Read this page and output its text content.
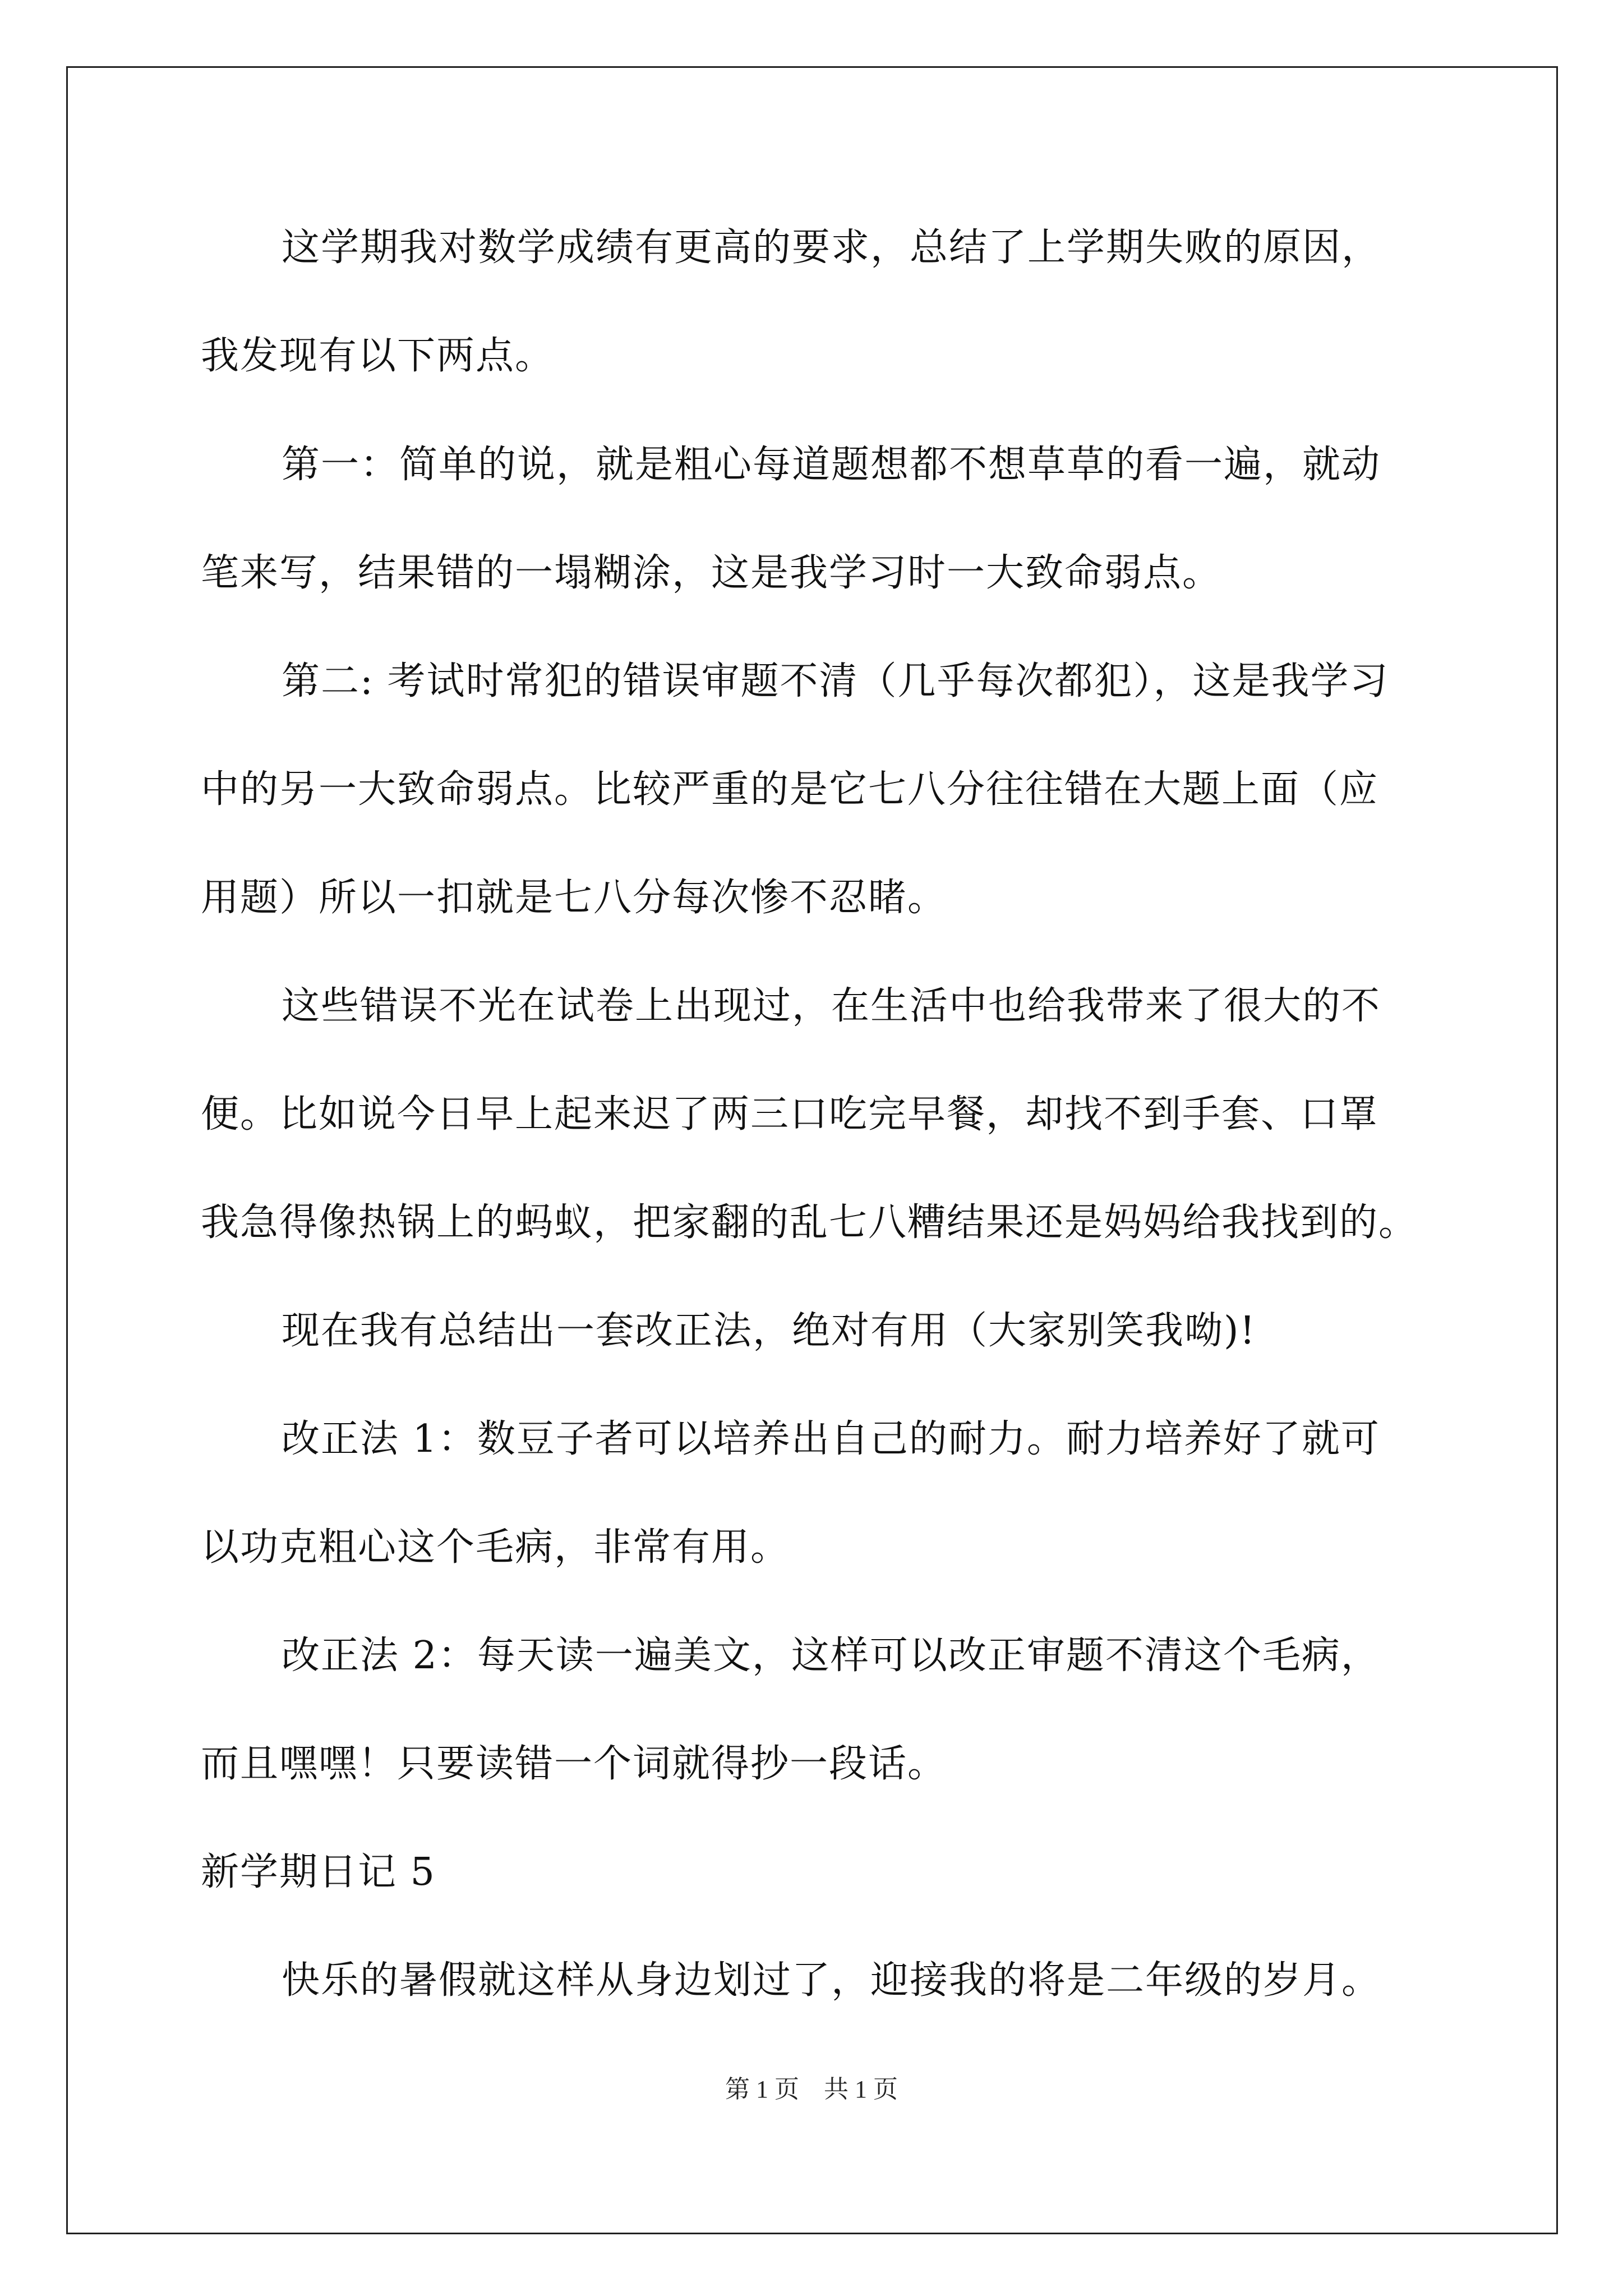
这学期我对数学成绩有更高的要求，总结了上学期失败的原因，
我发现有以下两点。
第一：简单的说，就是粗心每道题想都不想草草的看一遍，就动
笔来写，结果错的一塌糊涂，这是我学习时一大致命弱点。
第二: 考试时常犯的错误审题不清（几乎每次都犯），这是我学习
中的另一大致命弱点。比较严重的是它七八分往往错在大题上面（应
用题）所以一扣就是七八分每次惨不忍睹。
这些错误不光在试卷上出现过，在生活中也给我带来了很大的不
便。比如说今日早上起来迟了两三口吃完早餐，却找不到手套、口罩
我急得像热锅上的蚂蚁，把家翻的乱七八糟结果还是妈妈给我找到的。
现在我有总结出一套改正法，绝对有用（大家别笑我呦)!
改正法 1：数豆子者可以培养出自己的耐力。耐力培养好了就可
以功克粗心这个毛病，非常有用。
改正法 2：每天读一遍美文，这样可以改正审题不清这个毛病，
而且嘿嘿！只要读错一个词就得抄一段话。
新学期日记 5
快乐的暑假就这样从身边划过了，迎接我的将是二年级的岁月。
第 1 页　共 1 页
